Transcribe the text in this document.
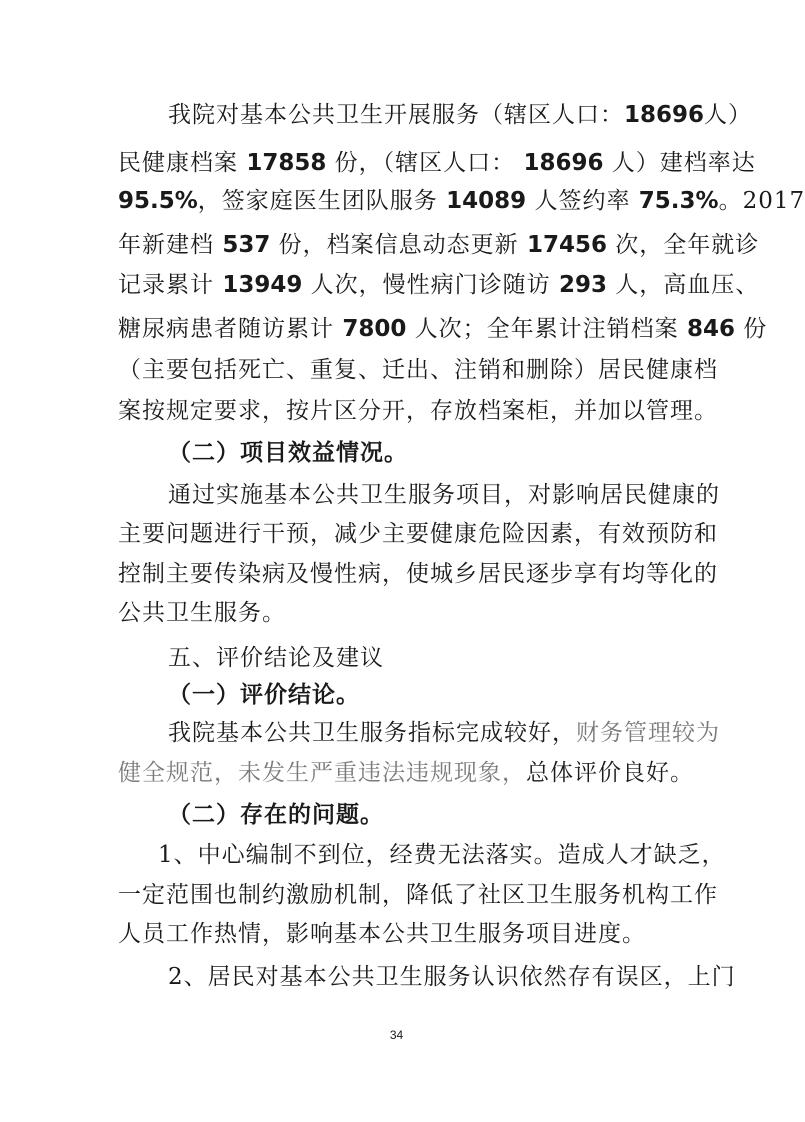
我院对基本公共卫生开展服务（辖区人口：18696人）
民健康档案 17858 份，（辖区人口： 18696 人）建档率达
95.5%，签家庭医生团队服务 14089 人签约率 75.3%。2017
年新建档 537 份，档案信息动态更新 17456 次，全年就诊
记录累计 13949 人次，慢性病门诊随访 293 人，高血压、
糖尿病患者随访累计 7800 人次；全年累计注销档案 846 份
（主要包括死亡、重复、迁出、注销和删除）居民健康档
案按规定要求，按片区分开，存放档案柜，并加以管理。
（二）项目效益情况。
通过实施基本公共卫生服务项目，对影响居民健康的
主要问题进行干预，减少主要健康危险因素，有效预防和
控制主要传染病及慢性病，使城乡居民逐步享有均等化的
公共卫生服务。
五、评价结论及建议
（一）评价结论。
我院基本公共卫生服务指标完成较好，财务管理较为
健全规范，未发生严重违法违规现象，总体评价良好。
（二）存在的问题。
1、中心编制不到位，经费无法落实。造成人才缺乏，
一定范围也制约激励机制，降低了社区卫生服务机构工作
人员工作热情，影响基本公共卫生服务项目进度。
2、居民对基本公共卫生服务认识依然存有误区，上门
34
